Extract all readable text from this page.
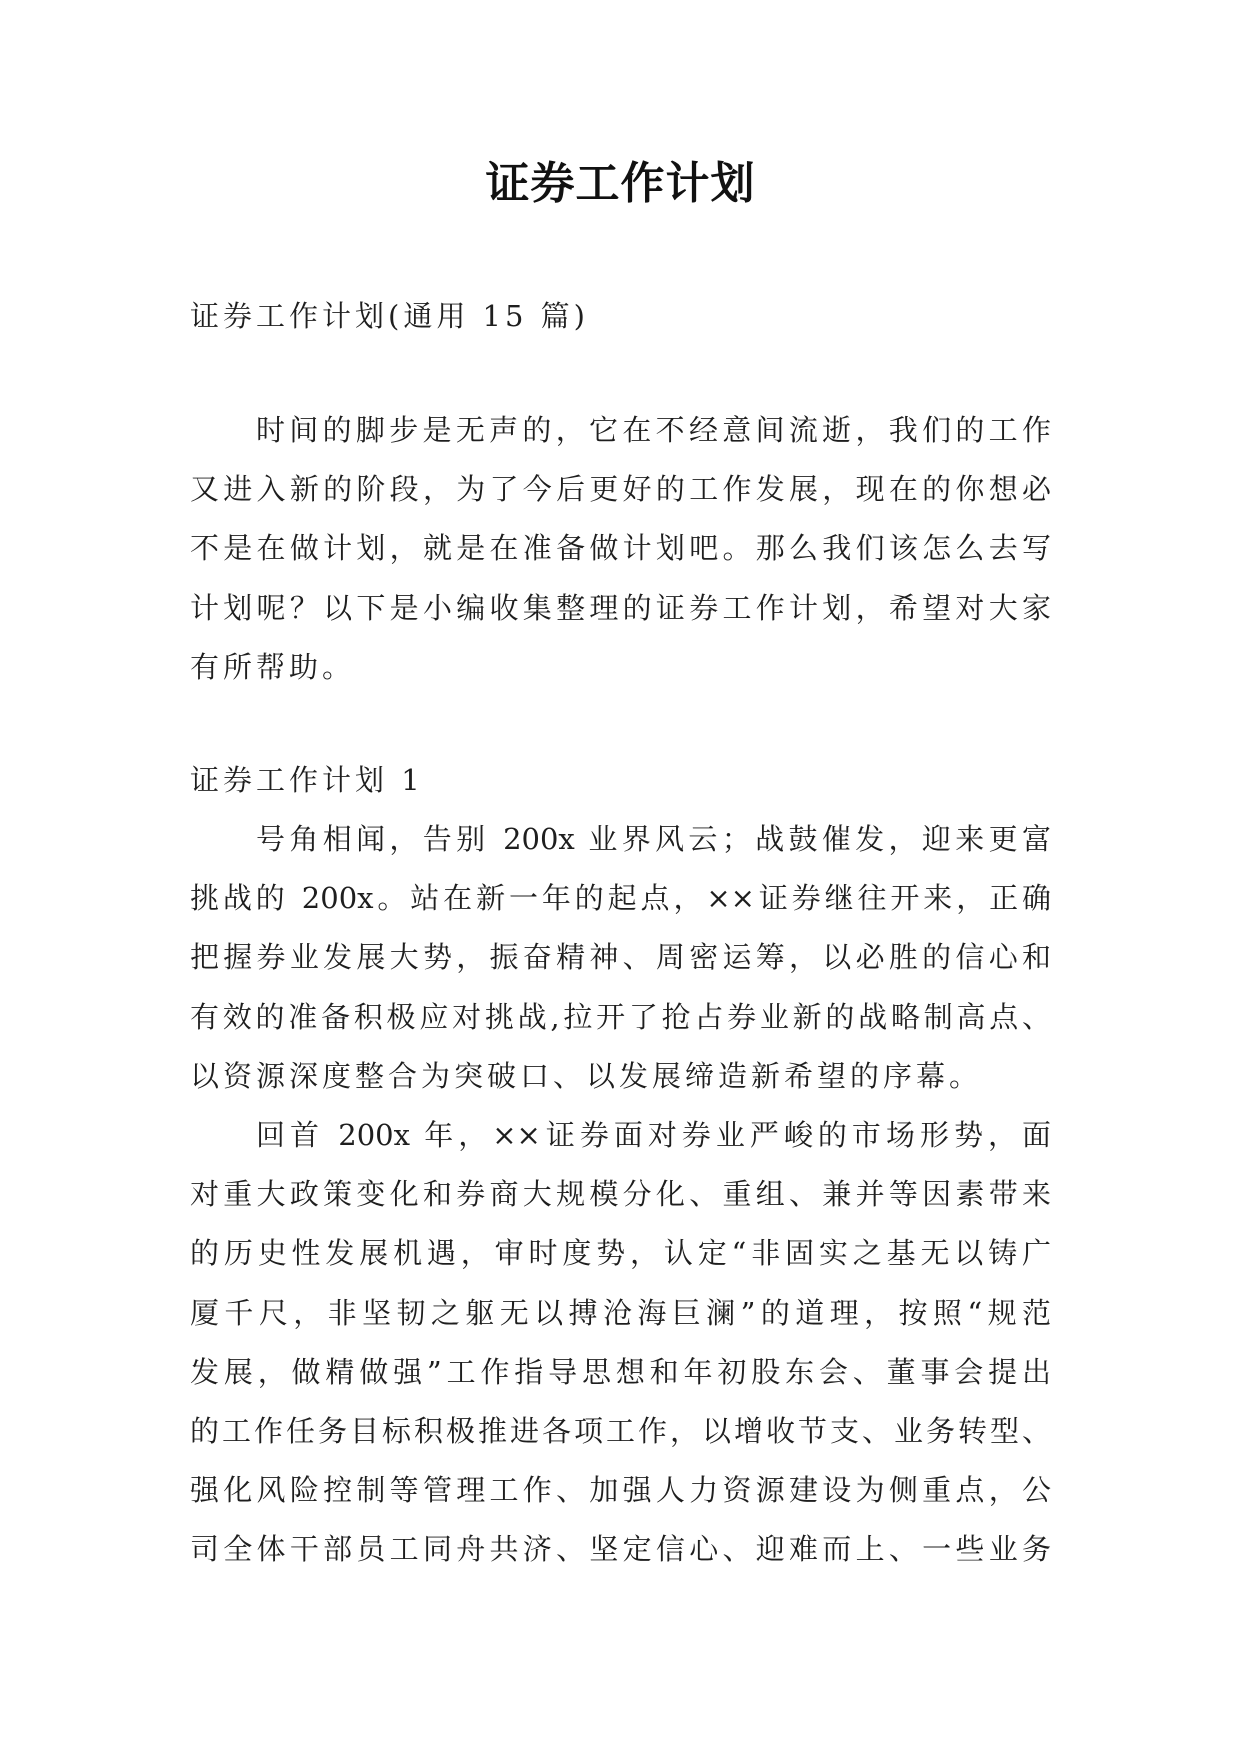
证券工作计划
证券工作计划(通用 15 篇)
时间的脚步是无声的，它在不经意间流逝，我们的工作
又进入新的阶段，为了今后更好的工作发展，现在的你想必
不是在做计划，就是在准备做计划吧。那么我们该怎么去写
计划呢？以下是小编收集整理的证券工作计划，希望对大家
有所帮助。
证券工作计划 1
号角相闻，告别 200x 业界风云；战鼓催发，迎来更富
挑战的 200x。站在新一年的起点，××证券继往开来，正确
把握券业发展大势，振奋精神、周密运筹，以必胜的信心和
有效的准备积极应对挑战,拉开了抢占券业新的战略制高点、
以资源深度整合为突破口、以发展缔造新希望的序幕。
回首 200x 年，××证券面对券业严峻的市场形势，面
对重大政策变化和券商大规模分化、重组、兼并等因素带来
的历史性发展机遇，审时度势，认定“非固实之基无以铸广
厦千尺，非坚韧之躯无以搏沧海巨澜”的道理，按照“规范
发展，做精做强”工作指导思想和年初股东会、董事会提出
的工作任务目标积极推进各项工作，以增收节支、业务转型、
强化风险控制等管理工作、加强人力资源建设为侧重点，公
司全体干部员工同舟共济、坚定信心、迎难而上、一些业务
